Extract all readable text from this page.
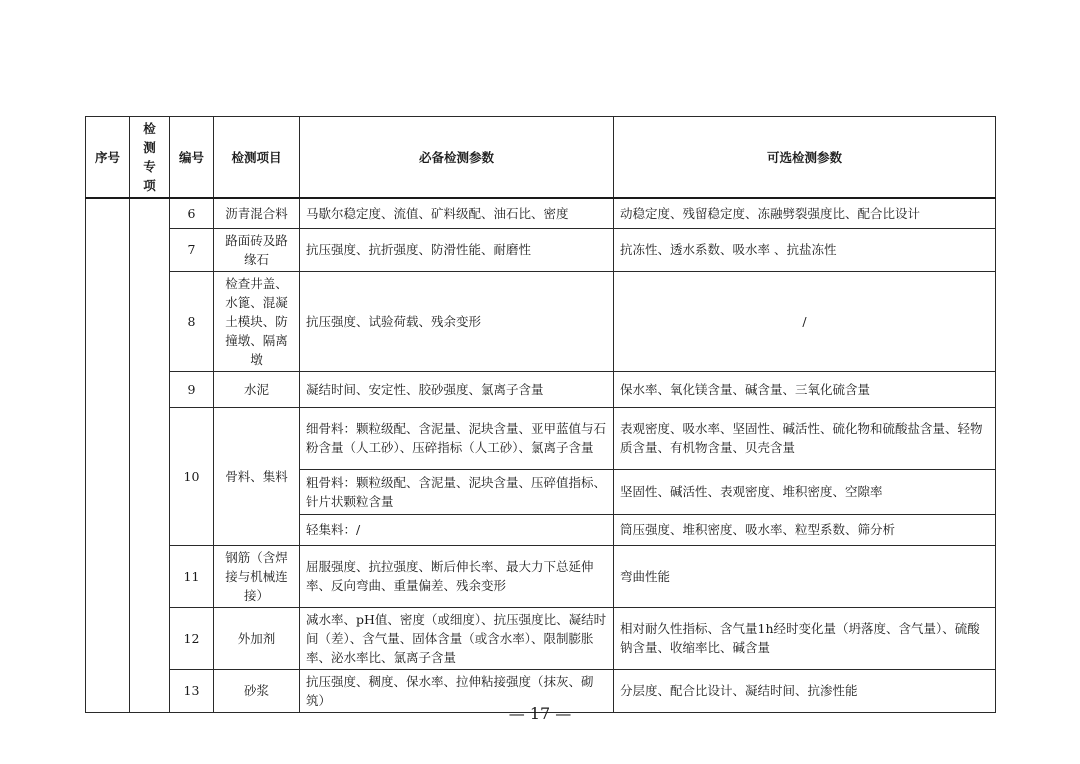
序号	检测专项	编号	检测项目	必备检测参数	可选检测参数
		6	沥青混合料	马歇尔稳定度、流值、矿料级配、油石比、密度	动稳定度、残留稳定度、冻融劈裂强度比、配合比设计
		7	路面砖及路缘石	抗压强度、抗折强度、防滑性能、耐磨性	抗冻性、透水系数、吸水率 、抗盐冻性
		8	检查井盖、水篦、混凝土模块、防撞墩、隔离墩	抗压强度、试验荷载、残余变形	/
		9	水泥	凝结时间、安定性、胶砂强度、氯离子含量	保水率、氧化镁含量、碱含量、三氧化硫含量
		10	骨料、集料	细骨料：颗粒级配、含泥量、泥块含量、亚甲蓝值与石粉含量（人工砂）、压碎指标（人工砂）、氯离子含量	表观密度、吸水率、坚固性、碱活性、硫化物和硫酸盐含量、轻物质含量、有机物含量、贝壳含量
				粗骨料：颗粒级配、含泥量、泥块含量、压碎值指标、针片状颗粒含量	坚固性、碱活性、表观密度、堆积密度、空隙率
				轻集料：/	筒压强度、堆积密度、吸水率、粒型系数、筛分析
		11	钢筋（含焊接与机械连接）	屈服强度、抗拉强度、断后伸长率、最大力下总延伸率、反向弯曲、重量偏差、残余变形	弯曲性能
		12	外加剂	减水率、pH值、密度（或细度）、抗压强度比、凝结时间（差）、含气量、固体含量（或含水率）、限制膨胀率、泌水率比、氯离子含量	相对耐久性指标、含气量1h经时变化量（坍落度、含气量）、硫酸钠含量、收缩率比、碱含量
		13	砂浆	抗压强度、稠度、保水率、拉伸粘接强度（抹灰、砌筑）	分层度、配合比设计、凝结时间、抗渗性能
— 17 —
